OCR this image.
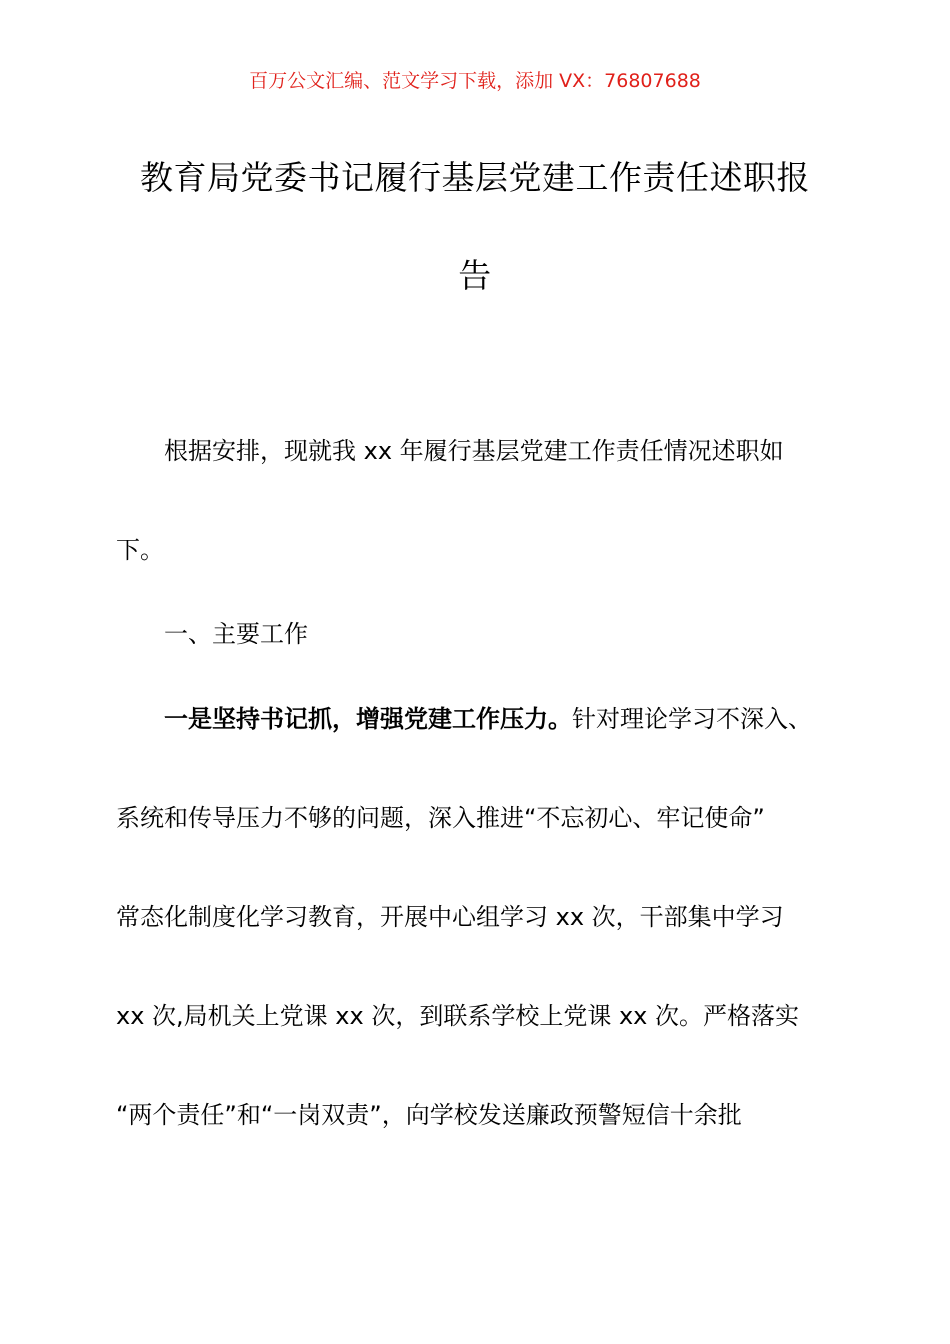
百万公文汇编、范文学习下载，添加 VX：76807688
教育局党委书记履行基层党建工作责任述职报
告
根据安排，现就我 xx 年履行基层党建工作责任情况述职如
下。
一、主要工作
一是坚持书记抓，增强党建工作压力。针对理论学习不深入、
系统和传导压力不够的问题，深入推进“不忘初心、牢记使命”
常态化制度化学习教育，开展中心组学习 xx 次，干部集中学习
xx 次,局机关上党课 xx 次，到联系学校上党课 xx 次。严格落实
“两个责任”和“一岗双责”，向学校发送廉政预警短信十余批
